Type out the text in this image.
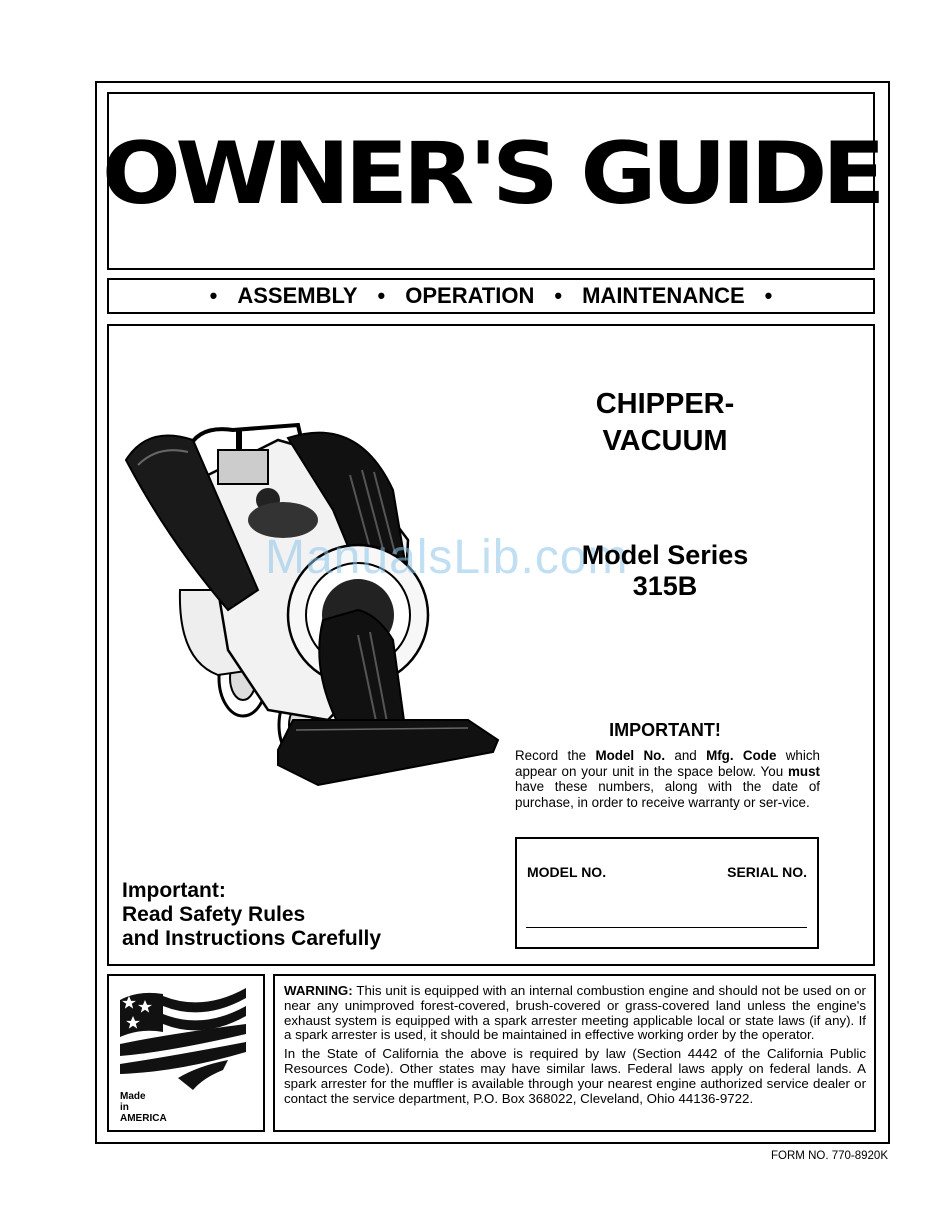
OWNER'S GUIDE
• ASSEMBLY • OPERATION • MAINTENANCE •
ManualsLib.com
CHIPPER-
VACUUM
Model Series
315B
IMPORTANT!
Record the Model No. and Mfg. Code which appear on your unit in the space below. You must have these numbers, along with the date of purchase, in order to receive warranty or ser-vice.
MODEL NO.	SERIAL NO.
Important:
Read Safety Rules
and Instructions Carefully
Made
in
AMERICA

WARNING: This unit is equipped with an internal combustion engine and should not be used on or near any unimproved forest-covered, brush-covered or grass-covered land unless the engine's exhaust system is equipped with a spark arrester meeting applicable local or state laws (if any). If a spark arrester is used, it should be maintained in effective working order by the operator.

In the State of California the above is required by law (Section 4442 of the California Public Resources Code). Other states may have similar laws. Federal laws apply on federal lands. A spark arrester for the muffler is available through your nearest engine authorized service dealer or contact the service department, P.O. Box 368022, Cleveland, Ohio 44136-9722.

FORM NO. 770-8920K
